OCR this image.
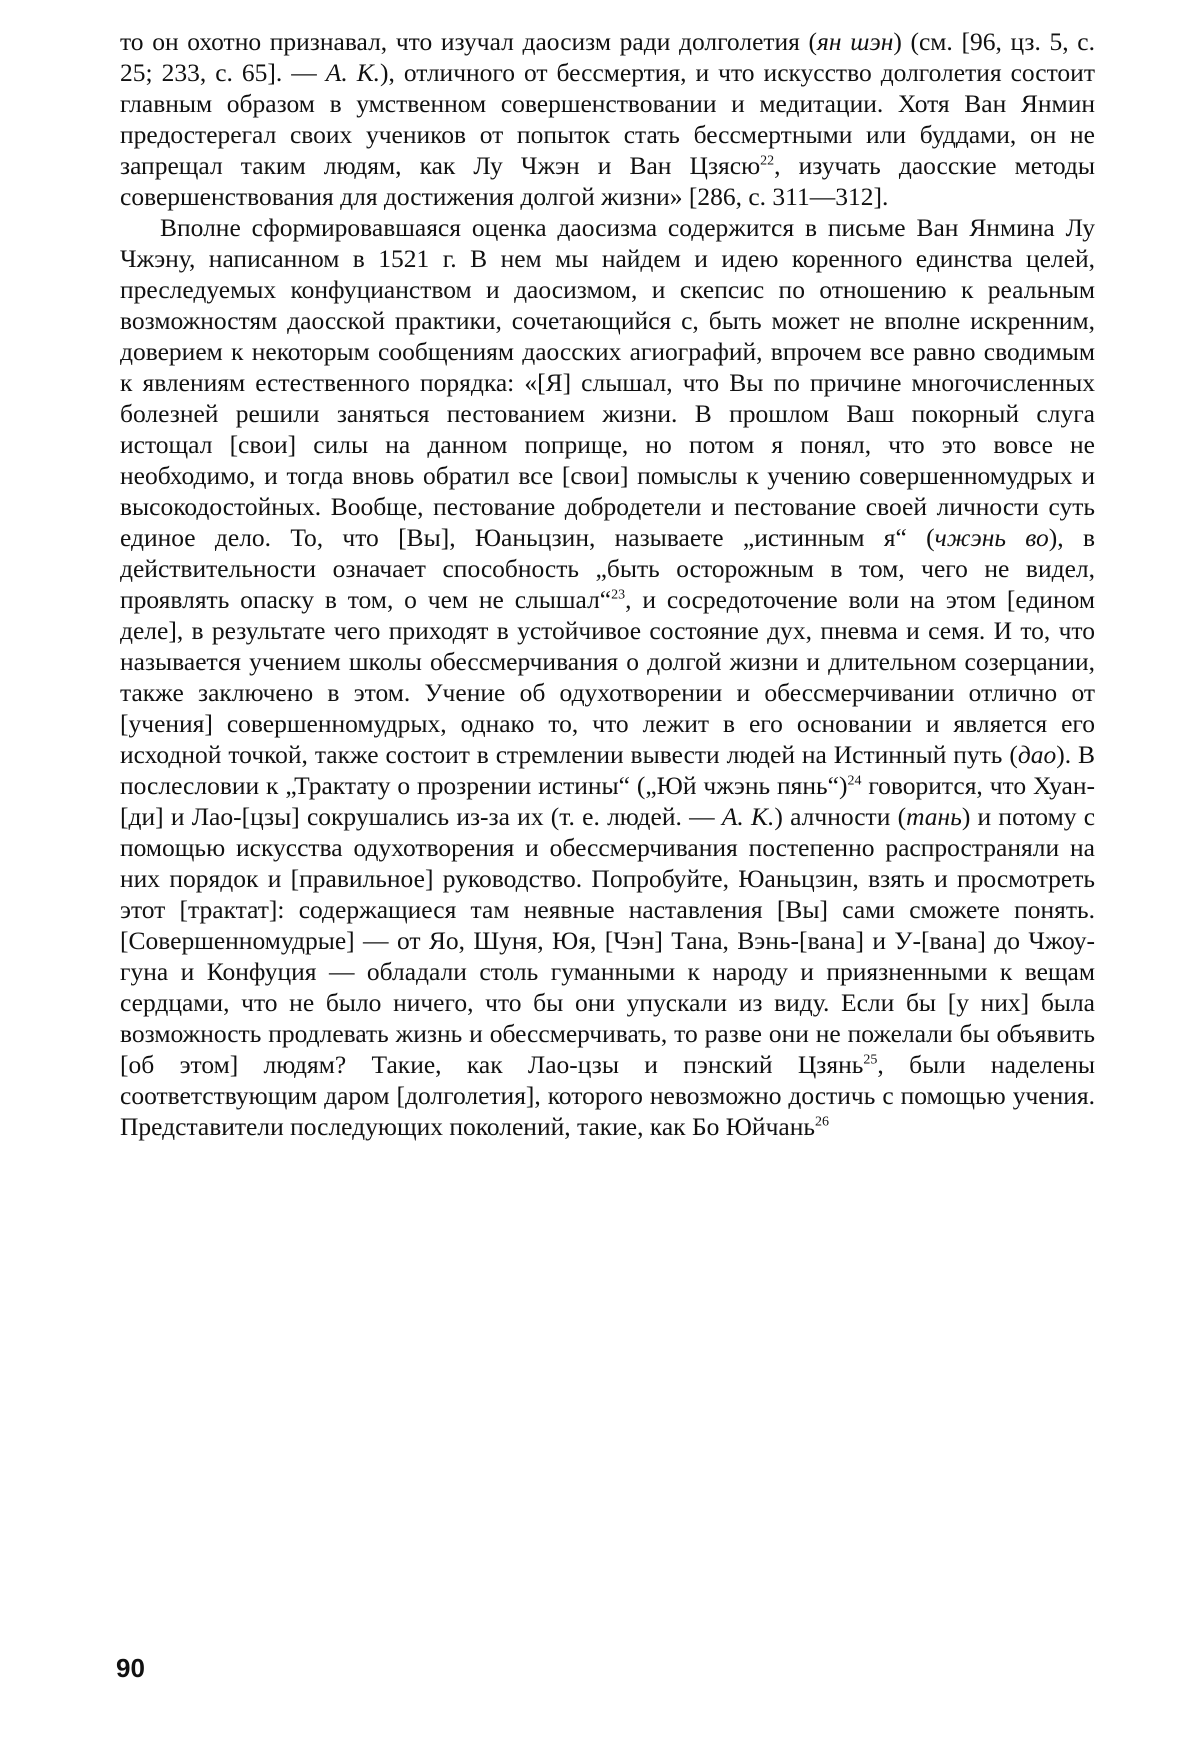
то он охотно признавал, что изучал даосизм ради долголетия (ян шэн) (см. [96, цз. 5, с. 25; 233, с. 65]. — А. К.), отличного от бессмертия, и что искусство долголетия состоит главным образом в умственном совершенствовании и медитации. Хотя Ван Янмин предостерегал своих учеников от попыток стать бессмертными или буддами, он не запрещал таким людям, как Лу Чжэн и Ван Цзясю$^{22}$, изучать даосские методы совершенствования для достижения долгой жизни» [286, с. 311—312].

Вполне сформировавшаяся оценка даосизма содержится в письме Ван Янмина Лу Чжэну, написанном в 1521 г. В нем мы найдем и идею коренного единства целей, преследуемых конфуцианством и даосизмом, и скепсис по отношению к реальным возможностям даосской практики, сочетающийся с, быть может не вполне искренним, доверием к некоторым сообщениям даосских агиографий, впрочем все равно сводимым к явлениям естественного порядка: «[Я] слышал, что Вы по причине многочисленных болезней решили заняться пестованием жизни. В прошлом Ваш покорный слуга истощал [свои] силы на данном поприще, но потом я понял, что это вовсе не необходимо, и тогда вновь обратил все [свои] помыслы к учению совершенномудрых и высокодостойных. Вообще, пестование добродетели и пестование своей личности суть единое дело. То, что [Вы], Юаньцзин, называете „истинным я“ (чжэнь во), в действительности означает способность „быть осторожным в том, чего не видел, проявлять опаску в том, о чем не слышал“$^{23}$, и сосредоточение воли на этом [едином деле], в результате чего приходят в устойчивое состояние дух, пневма и семя. И то, что называется учением школы обессмерчивания о долгой жизни и длительном созерцании, также заключено в этом. Учение об одухотворении и обессмерчивании отлично от [учения] совершенномудрых, однако то, что лежит в его основании и является его исходной точкой, также состоит в стремлении вывести людей на Истинный путь (дао). В послесловии к „Трактату о прозрении истины“ („Юй чжэнь пянь“)$^{24}$ говорится, что Хуан-[ди] и Лао-[цзы] сокрушались из-за их (т. е. людей. — А. К.) алчности (тань) и потому с помощью искусства одухотворения и обессмерчивания постепенно распространяли на них порядок и [правильное] руководство. Попробуйте, Юаньцзин, взять и просмотреть этот [трактат]: содержащиеся там неявные наставления [Вы] сами сможете понять. [Совершенномудрые] — от Яо, Шуня, Юя, [Чэн] Тана, Вэнь-[вана] и У-[вана] до Чжоу-гуна и Конфуция — обладали столь гуманными к народу и приязненными к вещам сердцами, что не было ничего, что бы они упускали из виду. Если бы [у них] была возможность продлевать жизнь и обессмерчивать, то разве они не пожелали бы объявить [об этом] людям? Такие, как Лао-цзы и пэнский Цзянь$^{25}$, были наделены соответствующим даром [долголетия], которого невозможно достичь с помощью учения. Представители последующих поколений, такие, как Бо Юйчань$^{26}$

90
